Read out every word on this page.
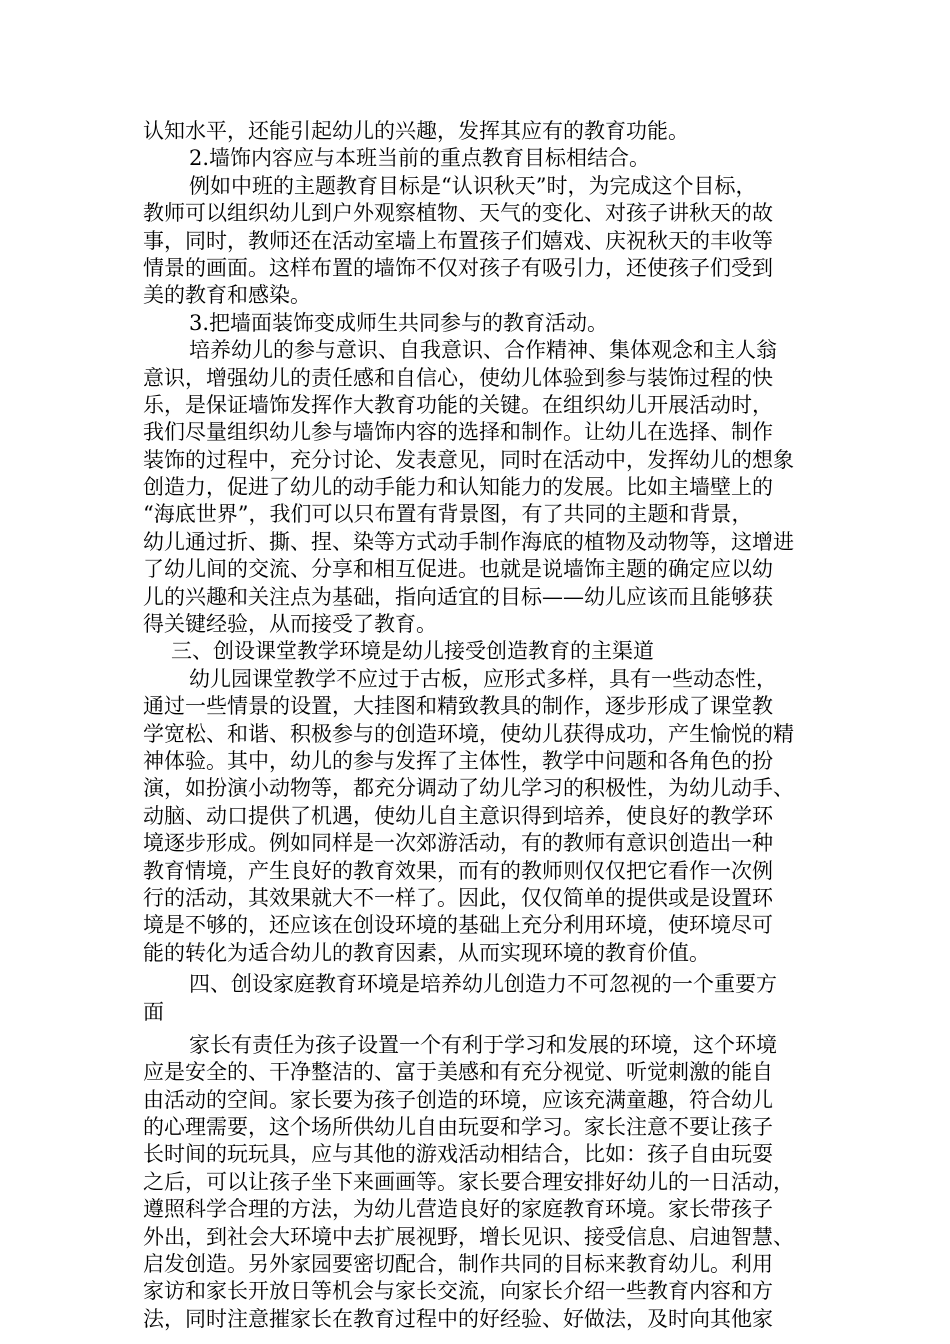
认知水平，还能引起幼儿的兴趣，发挥其应有的教育功能。
2.墙饰内容应与本班当前的重点教育目标相结合。
例如中班的主题教育目标是“认识秋天”时，为完成这个目标，
教师可以组织幼儿到户外观察植物、天气的变化、对孩子讲秋天的故
事，同时，教师还在活动室墙上布置孩子们嬉戏、庆祝秋天的丰收等
情景的画面。这样布置的墙饰不仅对孩子有吸引力，还使孩子们受到
美的教育和感染。
3.把墙面装饰变成师生共同参与的教育活动。
培养幼儿的参与意识、自我意识、合作精神、集体观念和主人翁
意识，增强幼儿的责任感和自信心，使幼儿体验到参与装饰过程的快
乐，是保证墙饰发挥作大教育功能的关键。在组织幼儿开展活动时，
我们尽量组织幼儿参与墙饰内容的选择和制作。让幼儿在选择、制作
装饰的过程中，充分讨论、发表意见，同时在活动中，发挥幼儿的想象
创造力，促进了幼儿的动手能力和认知能力的发展。比如主墙壁上的
“海底世界”，我们可以只布置有背景图，有了共同的主题和背景，
幼儿通过折、撕、捏、染等方式动手制作海底的植物及动物等，这增进
了幼儿间的交流、分享和相互促进。也就是说墙饰主题的确定应以幼
儿的兴趣和关注点为基础，指向适宜的目标——幼儿应该而且能够获
得关键经验，从而接受了教育。
三、创设课堂教学环境是幼儿接受创造教育的主渠道
幼儿园课堂教学不应过于古板，应形式多样，具有一些动态性，
通过一些情景的设置，大挂图和精致教具的制作，逐步形成了课堂教
学宽松、和谐、积极参与的创造环境，使幼儿获得成功，产生愉悦的精
神体验。其中，幼儿的参与发挥了主体性，教学中问题和各角色的扮
演，如扮演小动物等，都充分调动了幼儿学习的积极性，为幼儿动手、
动脑、动口提供了机遇，使幼儿自主意识得到培养，使良好的教学环
境逐步形成。例如同样是一次郊游活动，有的教师有意识创造出一种
教育情境，产生良好的教育效果，而有的教师则仅仅把它看作一次例
行的活动，其效果就大不一样了。因此，仅仅简单的提供或是设置环
境是不够的，还应该在创设环境的基础上充分利用环境，使环境尽可
能的转化为适合幼儿的教育因素，从而实现环境的教育价值。
四、创设家庭教育环境是培养幼儿创造力不可忽视的一个重要方
面
家长有责任为孩子设置一个有利于学习和发展的环境，这个环境
应是安全的、干净整洁的、富于美感和有充分视觉、听觉刺激的能自
由活动的空间。家长要为孩子创造的环境，应该充满童趣，符合幼儿
的心理需要，这个场所供幼儿自由玩耍和学习。家长注意不要让孩子
长时间的玩玩具，应与其他的游戏活动相结合，比如：孩子自由玩耍
之后，可以让孩子坐下来画画等。家长要合理安排好幼儿的一日活动，
遵照科学合理的方法，为幼儿营造良好的家庭教育环境。家长带孩子
外出，到社会大环境中去扩展视野，增长见识、接受信息、启迪智慧、
启发创造。另外家园要密切配合，制作共同的目标来教育幼儿。利用
家访和家长开放日等机会与家长交流，向家长介绍一些教育内容和方
法，同时注意摧家长在教育过程中的好经验、好做法，及时向其他家
